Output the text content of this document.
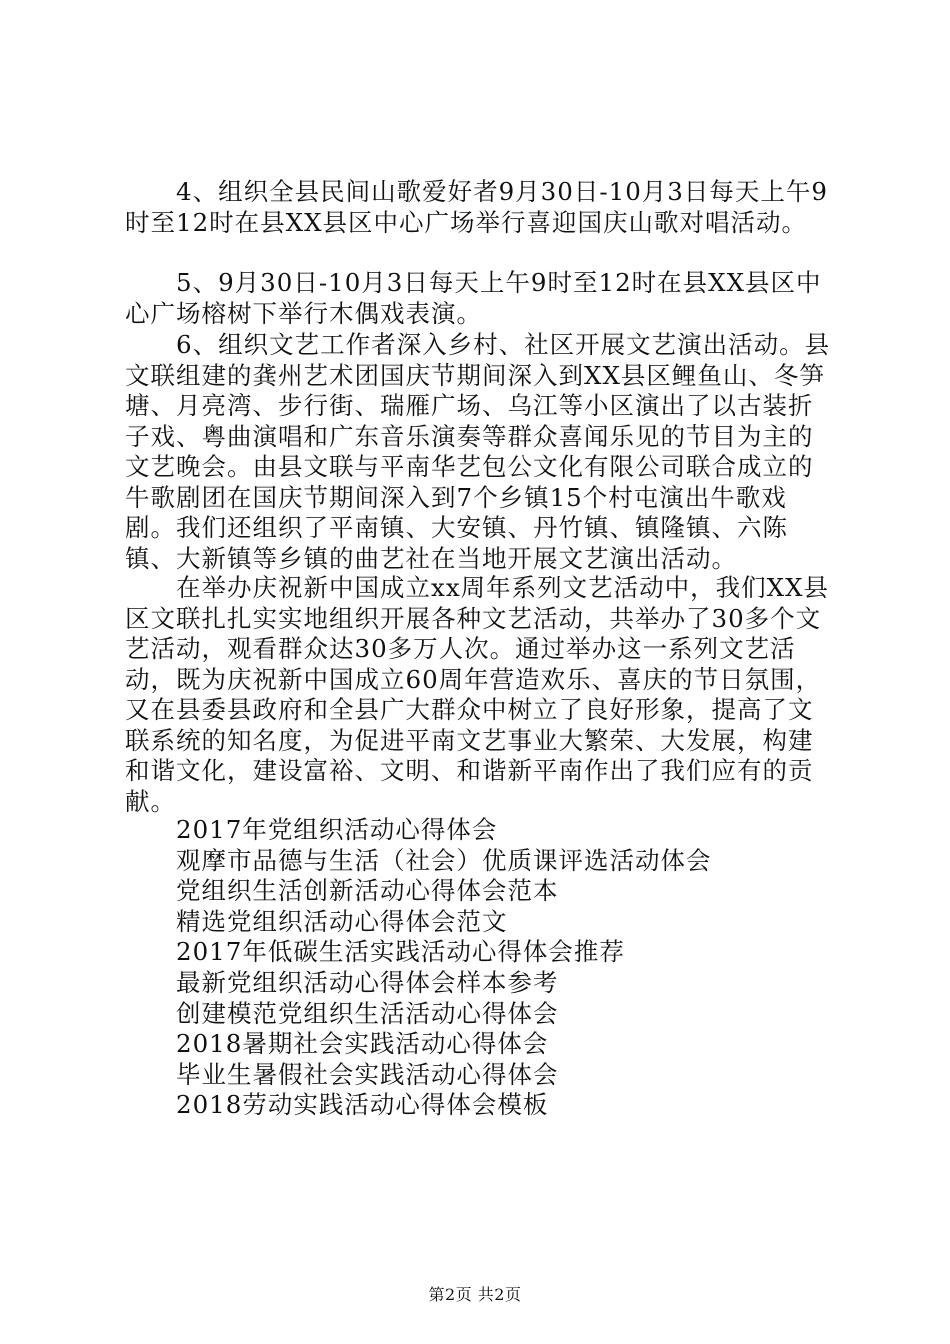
　　4、组织全县民间山歌爱好者9月30日-10月3日每天上午9时至12时在县XX县区中心广场举行喜迎国庆山歌对唱活动。

　　5、9月30日-10月3日每天上午9时至12时在县XX县区中心广场榕树下举行木偶戏表演。

　　6、组织文艺工作者深入乡村、社区开展文艺演出活动。县文联组建的龚州艺术团国庆节期间深入到XX县区鲤鱼山、冬笋塘、月亮湾、步行街、瑞雁广场、乌江等小区演出了以古装折子戏、粤曲演唱和广东音乐演奏等群众喜闻乐见的节目为主的文艺晚会。由县文联与平南华艺包公文化有限公司联合成立的牛歌剧团在国庆节期间深入到7个乡镇15个村屯演出牛歌戏剧。我们还组织了平南镇、大安镇、丹竹镇、镇隆镇、六陈镇、大新镇等乡镇的曲艺社在当地开展文艺演出活动。

　　在举办庆祝新中国成立xx周年系列文艺活动中，我们XX县区文联扎扎实实地组织开展各种文艺活动，共举办了30多个文艺活动，观看群众达30多万人次。通过举办这一系列文艺活动，既为庆祝新中国成立60周年营造欢乐、喜庆的节日氛围，又在县委县政府和全县广大群众中树立了良好形象，提高了文联系统的知名度，为促进平南文艺事业大繁荣、大发展，构建和谐文化，建设富裕、文明、和谐新平南作出了我们应有的贡献。

2017年党组织活动心得体会
观摩市品德与生活（社会）优质课评选活动体会
党组织生活创新活动心得体会范本
精选党组织活动心得体会范文
2017年低碳生活实践活动心得体会推荐
最新党组织活动心得体会样本参考
创建模范党组织生活活动心得体会
2018暑期社会实践活动心得体会
毕业生暑假社会实践活动心得体会
2018劳动实践活动心得体会模板
第2页 共2页
